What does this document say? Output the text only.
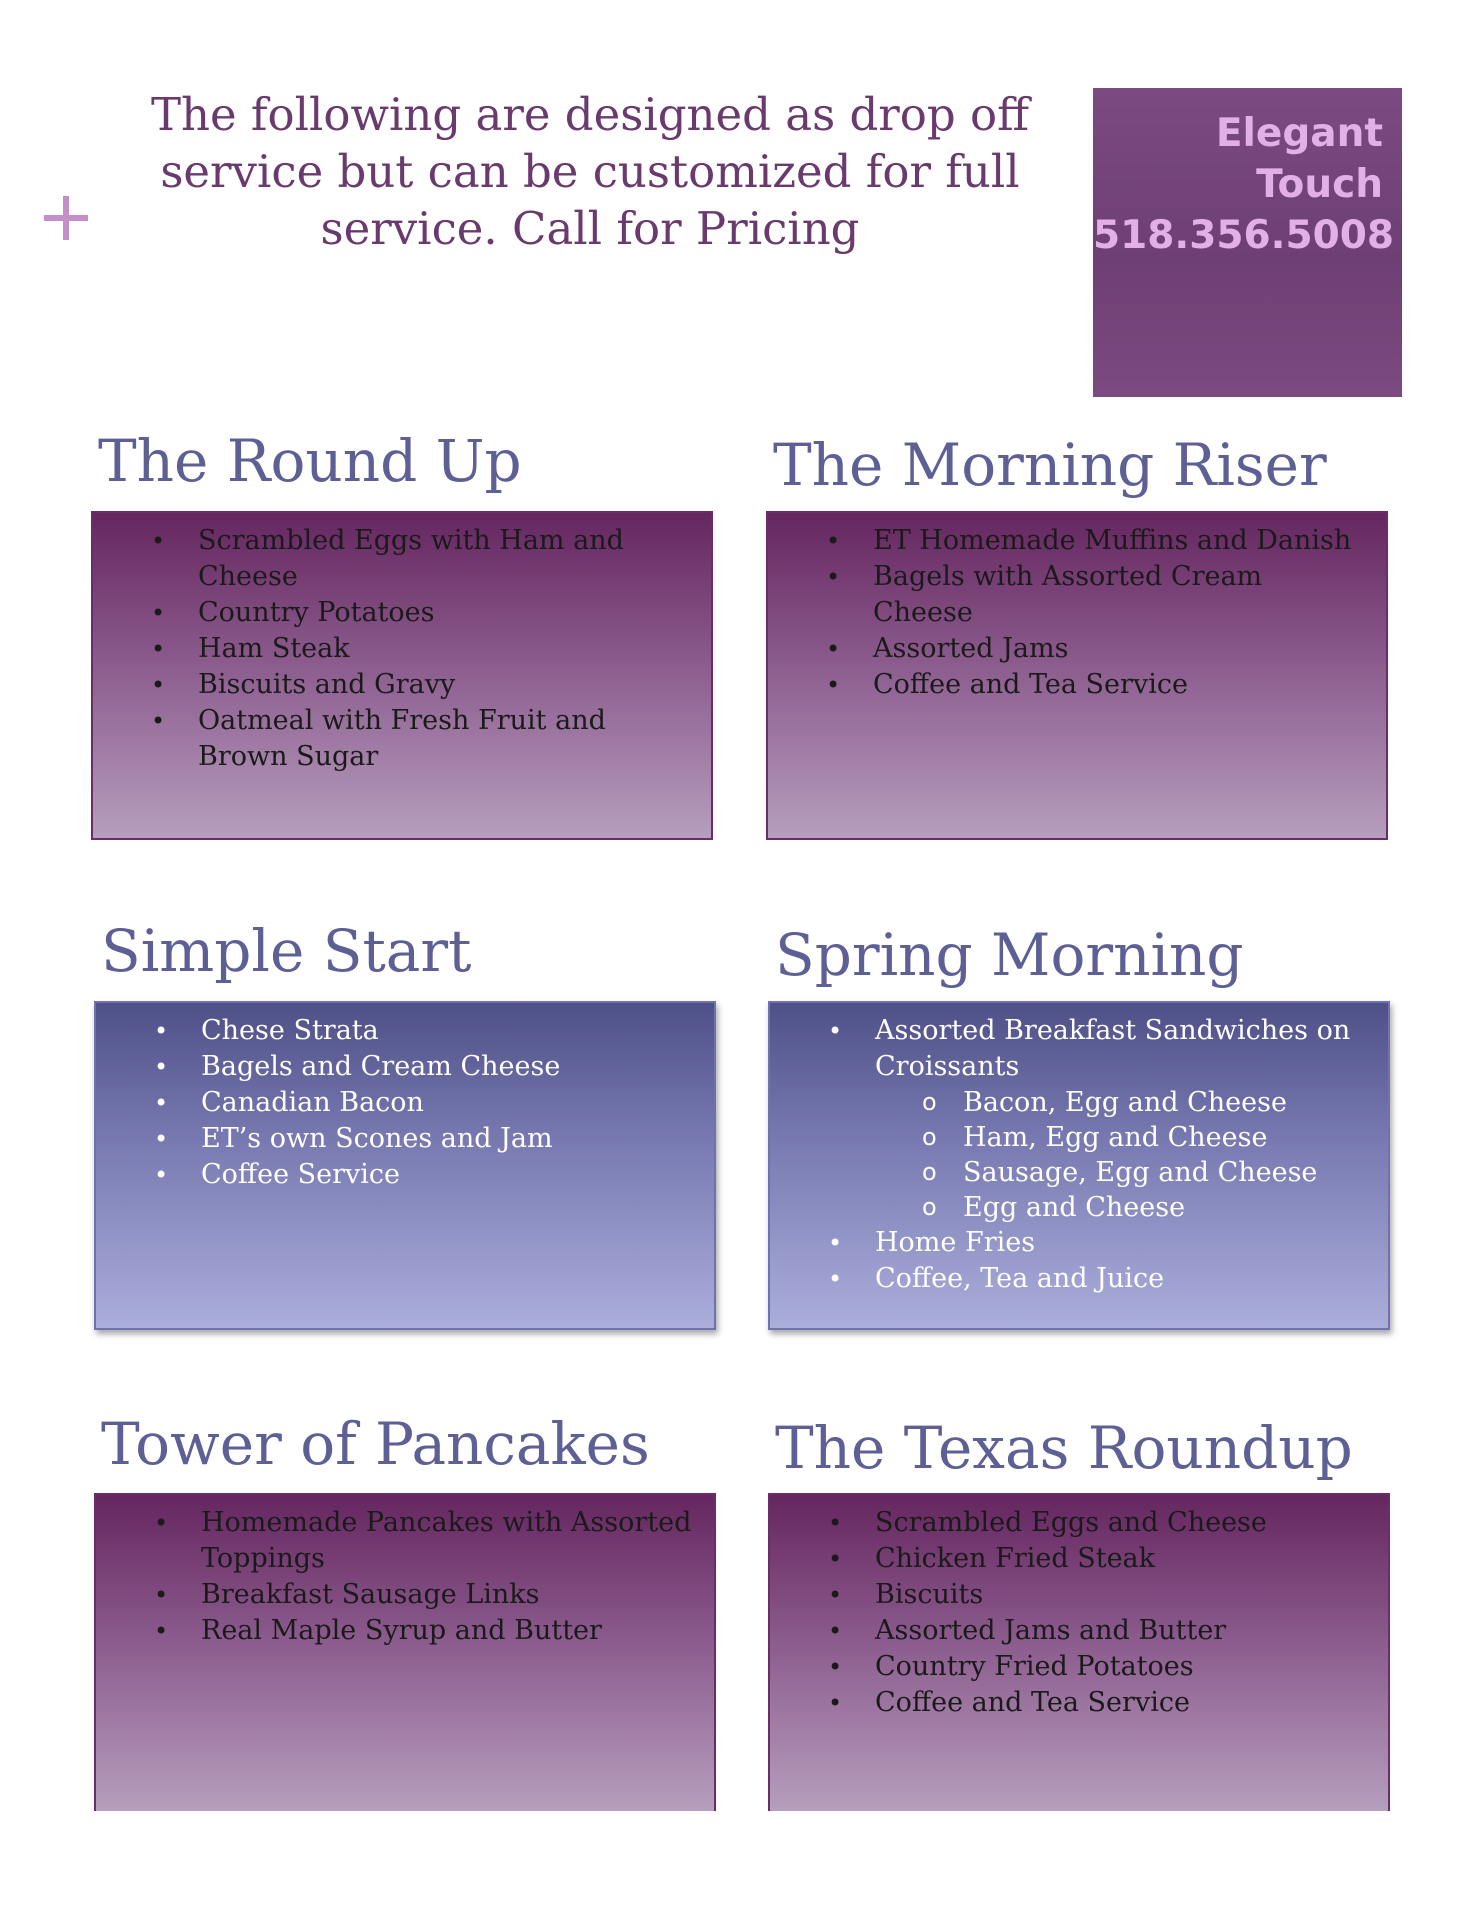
The following are designed as drop off
service but can be customized for full
service. Call for Pricing
Elegant
Touch
518.356.5008
The Round Up
• Scrambled Eggs with Ham and Cheese
• Country Potatoes
• Ham Steak
• Biscuits and Gravy
• Oatmeal with Fresh Fruit and Brown Sugar
The Morning Riser
• ET Homemade Muffins and Danish
• Bagels with Assorted Cream Cheese
• Assorted Jams
• Coffee and Tea Service
Simple Start
• Chese Strata
• Bagels and Cream Cheese
• Canadian Bacon
• ET’s own Scones and Jam
• Coffee Service
Spring Morning
• Assorted Breakfast Sandwiches on Croissants
o Bacon, Egg and Cheese
o Ham, Egg and Cheese
o Sausage, Egg and Cheese
o Egg and Cheese
• Home Fries
• Coffee, Tea and Juice
Tower of Pancakes
• Homemade Pancakes with Assorted Toppings
• Breakfast Sausage Links
• Real Maple Syrup and Butter
The Texas Roundup
• Scrambled Eggs and Cheese
• Chicken Fried Steak
• Biscuits
• Assorted Jams and Butter
• Country Fried Potatoes
• Coffee and Tea Service
